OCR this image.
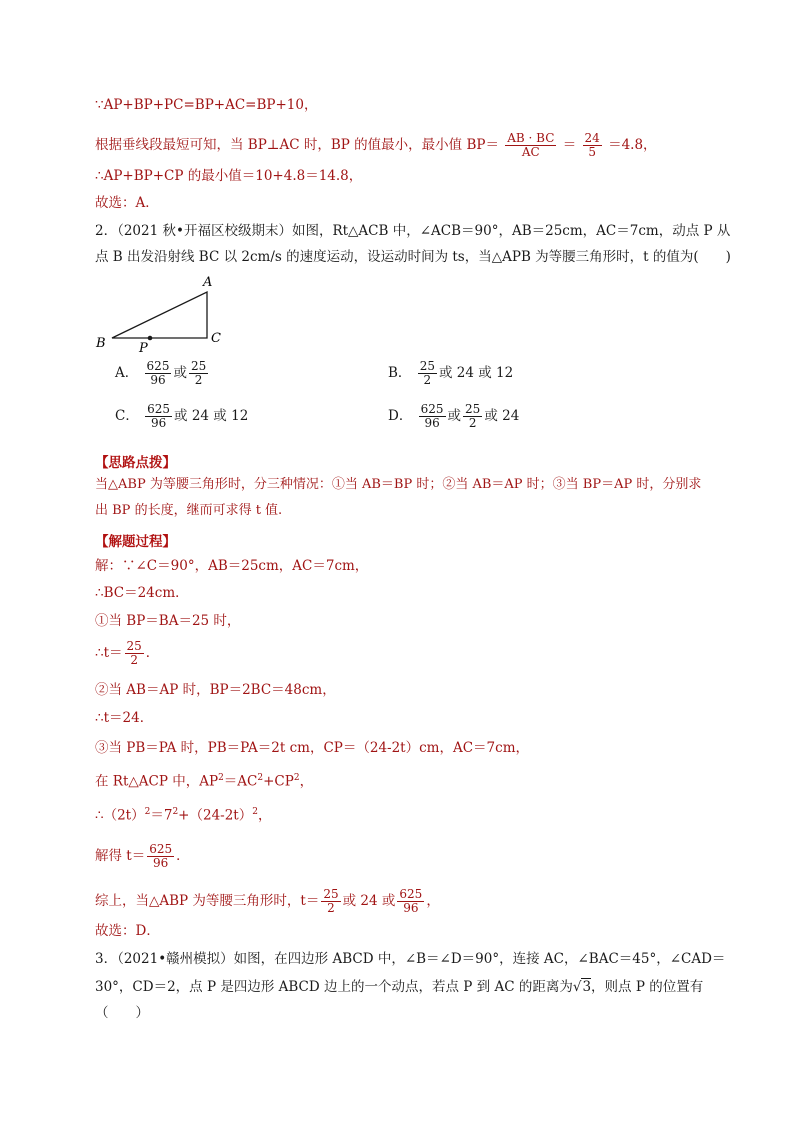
∵AP+BP+PC=BP+AC=BP+10，
根据垂线段最短可知，当 BP⊥AC 时，BP 的值最小，最小值 $BP= \frac{AB \cdot BC}{AC} = \frac{24}{5} =4.8$，
∴AP+BP+CP 的最小值＝10+4.8＝14.8，
故选：A．
2．（2021 秋•开福区校级期末）如图，Rt△ACB 中，∠ACB＝90°，AB＝25cm，AC＝7cm，动点 P 从
点 B 出发沿射线 BC 以 2cm/s 的速度运动，设运动时间为 ts，当△APB 为等腰三角形时，t 的值为(　　)
A
B	C
P
A． $\frac{625}{96}$ 或 $\frac{25}{2}$	B． $\frac{25}{2}$ 或 24 或 12
C． $\frac{625}{96}$ 或 24 或 12	D． $\frac{625}{96}$ 或 $\frac{25}{2}$ 或 24
【思路点拨】
当△ABP 为等腰三角形时，分三种情况：①当 AB＝BP 时；②当 AB＝AP 时；③当 BP＝AP 时，分别求出 BP 的长度，继而可求得 t 值.
【解题过程】
解：∵∠C＝90°，AB＝25cm，AC＝7cm，
∴BC＝24cm．
①当 BP＝BA＝25 时，
∴t＝ $\frac{25}{2}$ ．
②当 AB＝AP 时，BP＝2BC＝48cm，
∴t＝24．
③当 PB＝PA 时，PB＝PA＝2t cm，CP＝（24-2t）cm，AC＝7cm，
在 Rt△ACP 中，$AP^2=AC^2+CP^2$，
$\therefore(2t)^2=7^2+(24-2t)^2$，
解得 $t= \frac{625}{96}$ ．
综上，当△ABP 为等腰三角形时，$t= \frac{25}{2}$ 或 24 或 $\frac{625}{96}$ ，
故选：D．
3．（2021•赣州模拟）如图，在四边形 ABCD 中，∠B＝∠D＝90°，连接 AC，∠BAC＝45°，∠CAD＝
30°，CD＝2，点 P 是四边形 ABCD 边上的一个动点，若点 P 到 AC 的距离为√3，则点 P 的位置有
（　　）
